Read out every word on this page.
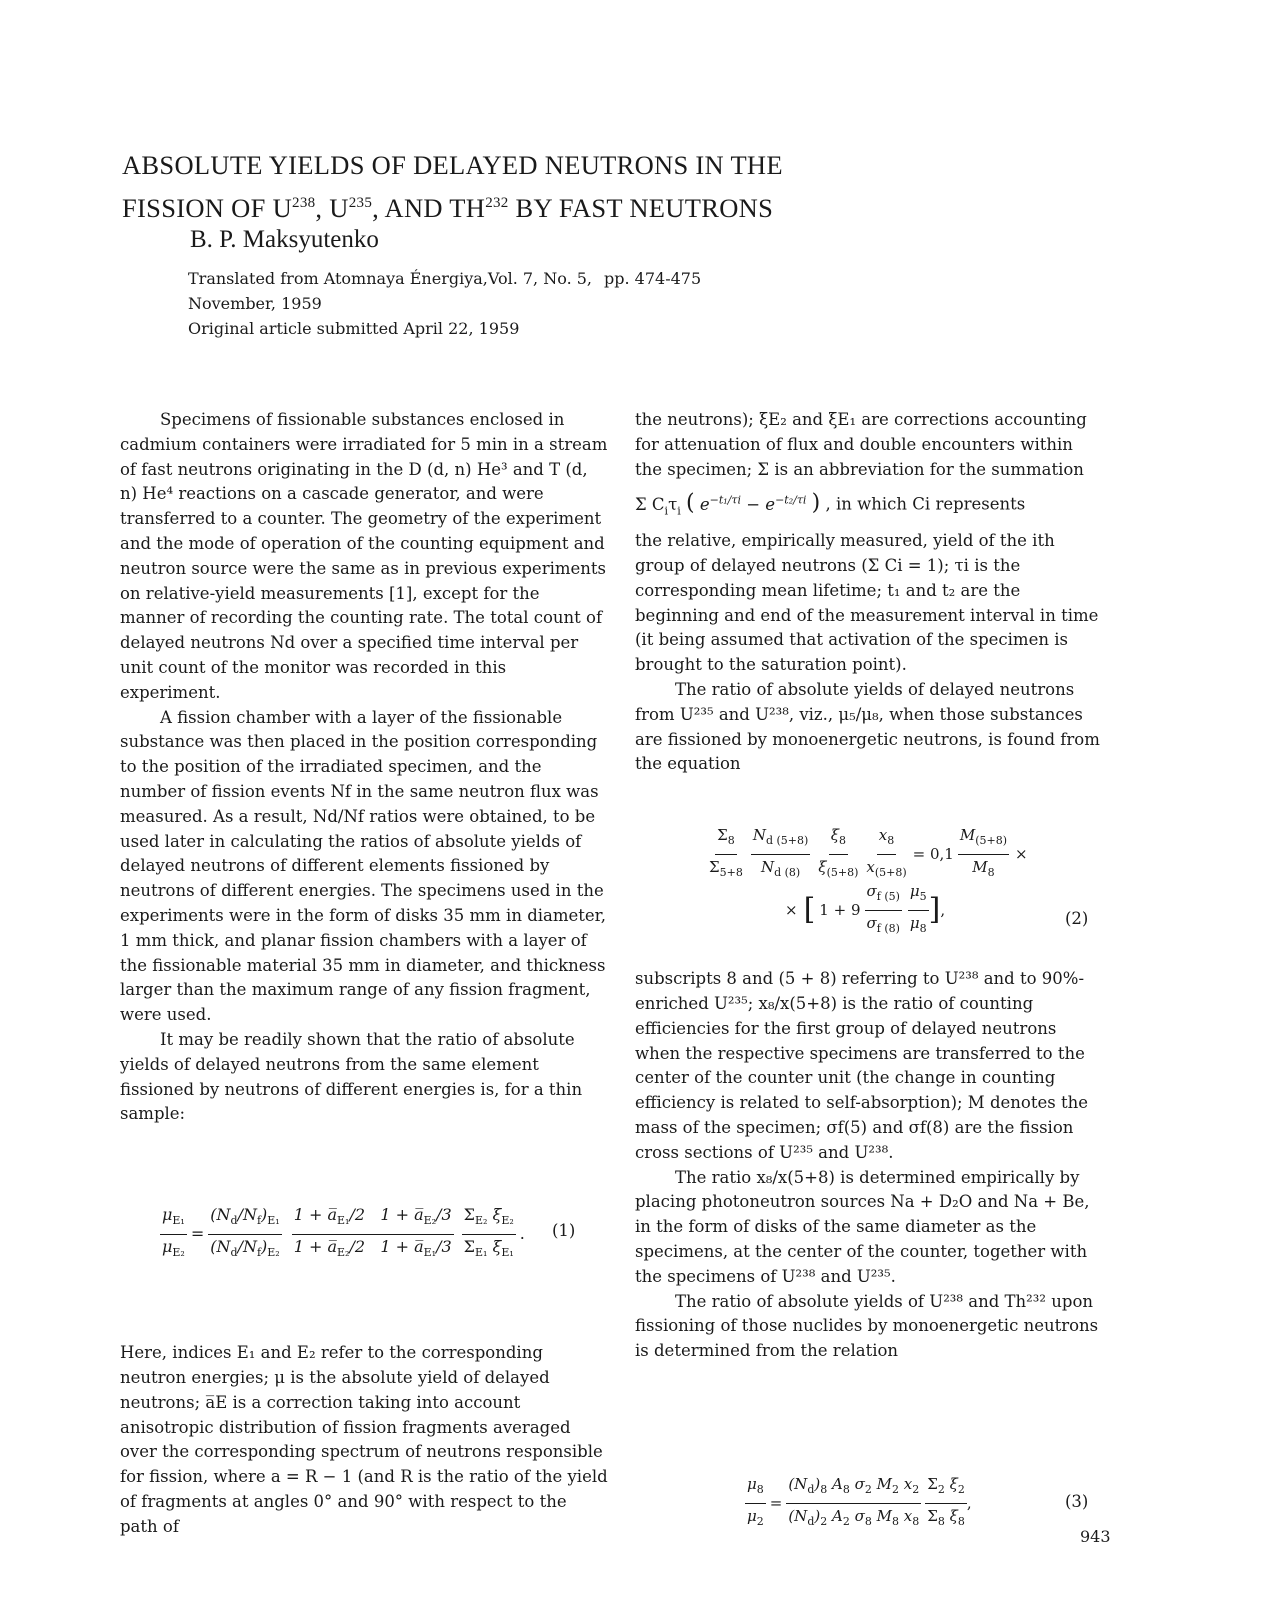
ABSOLUTE YIELDS OF DELAYED NEUTRONS IN THE
FISSION OF $U^{238}$, $U^{235}$, AND TH$^{232}$ BY FAST NEUTRONS
B. P. Maksyutenko
Translated from Atomnaya Énergiya,Vol. 7, No. 5, pp. 474-475
November, 1959
Original article submitted April 22, 1959

Specimens of fissionable substances enclosed in cadmium containers were irradiated for 5 min in a stream of fast neutrons originating in the D (d, n) He³ and T (d, n) He⁴ reactions on a cascade generator, and were transferred to a counter. The geometry of the experiment and the mode of operation of the counting equipment and neutron source were the same as in previous experiments on relative-yield measurements [1], except for the manner of recording the counting rate. The total count of delayed neutrons Nd over a specified time interval per unit count of the monitor was recorded in this experiment.

A fission chamber with a layer of the fissionable substance was then placed in the position corresponding to the position of the irradiated specimen, and the number of fission events Nf in the same neutron flux was measured. As a result, Nd/Nf ratios were obtained, to be used later in calculating the ratios of absolute yields of delayed neutrons of different elements fissioned by neutrons of different energies. The specimens used in the experiments were in the form of disks 35 mm in diameter, 1 mm thick, and planar fission chambers with a layer of the fissionable material 35 mm in diameter, and thickness larger than the maximum range of any fission fragment, were used.

It may be readily shown that the ratio of absolute yields of delayed neutrons from the same element fissioned by neutrons of different energies is, for a thin sample:

$\frac{\mu_{E_1}}{\mu_{E_2}} = \frac{(N_d/N_f)_{E_1}}{(N_d/N_f)_{E_2}} \frac{1 + a̅_{E_1}/2 1 + a̅_{E_2}/3}{1 + a̅_{E_2}/2 1 + a̅_{E_1}/3} \frac{\Sigma_{E_2} \xi_{E_2}}{\Sigma_{E_1} \xi_{E_1}}$ . (1)

Here, indices E₁ and E₂ refer to the corresponding neutron energies; μ is the absolute yield of delayed neutrons; a̅E is a correction taking into account anisotropic distribution of fission fragments averaged over the corresponding spectrum of neutrons responsible for fission, where a = R − 1 (and R is the ratio of the yield of fragments at angles 0° and 90° with respect to the path of

the neutrons); ξE₂ and ξE₁ are corrections accounting for attenuation of flux and double encounters within the specimen; Σ is an abbreviation for the summation

Σ $C_i\tau_i$ ( $e^{-t_1/\tau i} - e^{-t_2/\tau i}$ ) , in which Ci represents

the relative, empirically measured, yield of the ith group of delayed neutrons (Σ Ci = 1); τi is the corresponding mean lifetime; t₁ and t₂ are the beginning and end of the measurement interval in time (it being assumed that activation of the specimen is brought to the saturation point).

The ratio of absolute yields of delayed neutrons from U²³⁵ and U²³⁸, viz., μ₅/μ₈, when those substances are fissioned by monoenergetic neutrons, is found from the equation

$\frac{\Sigma_8}{\Sigma_{5+8}} \frac{N_{d (5+8)}}{N_{d (8)}} \frac{\xi_8}{\xi_{(5+8)}} \frac{x_8}{x_{(5+8)}} = 0,1 \frac{M_{(5+8)}}{M_8}$ ×
× [ $1 + 9 \frac{\sigma_{f (5)}}{\sigma_{f (8)}} \frac{\mu_5}{\mu_8}$ ] ,	(2)

subscripts 8 and (5 + 8) referring to U²³⁸ and to 90%-enriched U²³⁵; x₈/x(5+8) is the ratio of counting efficiencies for the first group of delayed neutrons when the respective specimens are transferred to the center of the counter unit (the change in counting efficiency is related to self-absorption); M denotes the mass of the specimen; σf(5) and σf(8) are the fission cross sections of U²³⁵ and U²³⁸.

The ratio x₈/x(5+8) is determined empirically by placing photoneutron sources Na + D₂O and Na + Be, in the form of disks of the same diameter as the specimens, at the center of the counter, together with the specimens of U²³⁸ and U²³⁵.

The ratio of absolute yields of U²³⁸ and Th²³² upon fissioning of those nuclides by monoenergetic neutrons is determined from the relation

$\frac{\mu_8}{\mu_2} = \frac{(N_d)_8 A_8 \sigma_2 M_2 x_2}{(N_d)_2 A_2 \sigma_8 M_8 x_8} \frac{\Sigma_2 \xi_2}{\Sigma_8 \xi_8}$ ,	(3)
943
